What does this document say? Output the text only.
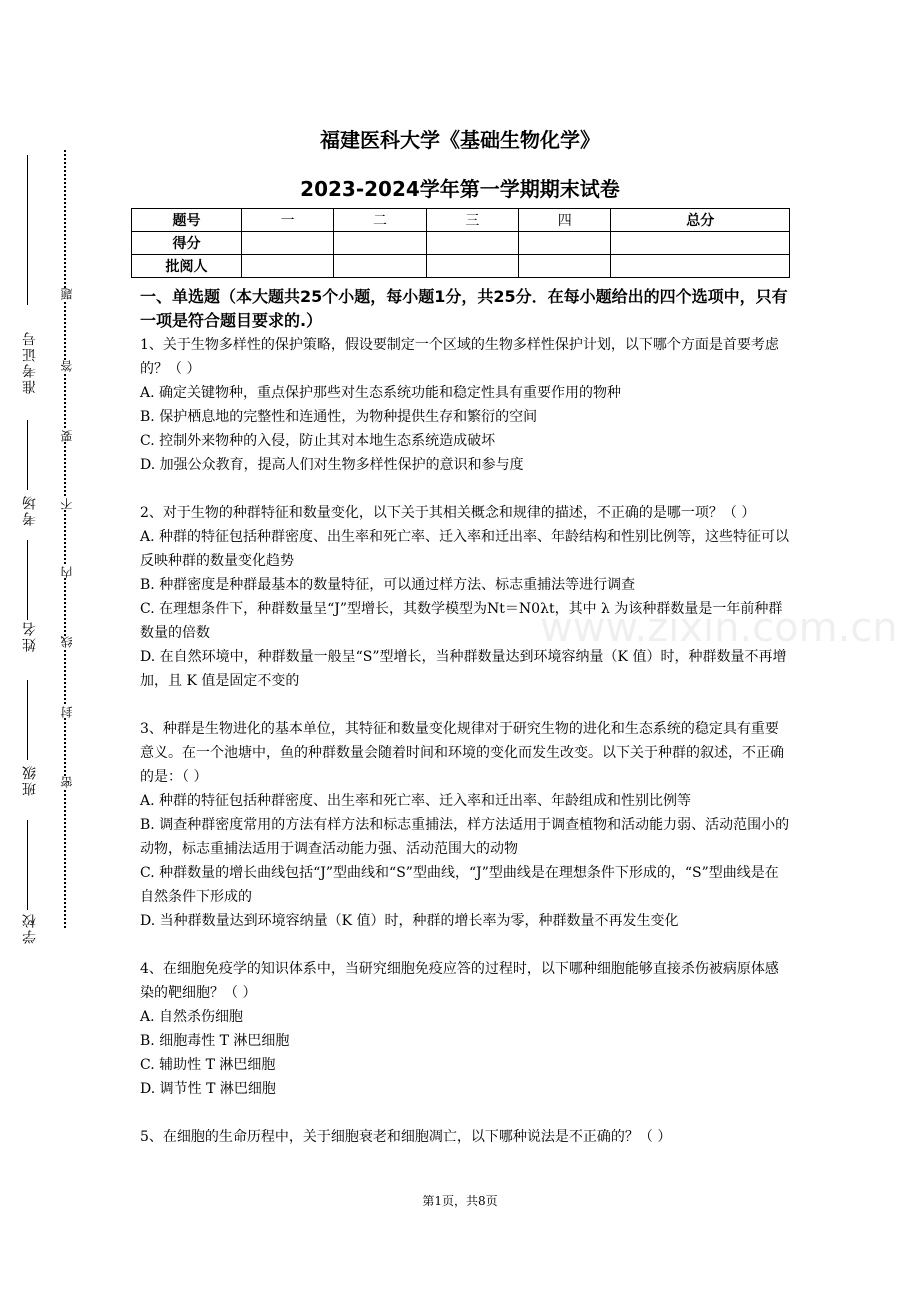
准考证号
考场
姓名
班级
学校
题
答
要
不
内
线
封
密
福建医科大学《基础生物化学》
2023-2024学年第一学期期末试卷
题号	一	二	三	四	总分
得分					
批阅人					

一、单选题（本大题共25个小题，每小题1分，共25分．在每小题给出的四个选项中，只有一项是符合题目要求的.）

1、关于生物多样性的保护策略，假设要制定一个区域的生物多样性保护计划，以下哪个方面是首要考虑的？（ ）

A. 确定关键物种，重点保护那些对生态系统功能和稳定性具有重要作用的物种

B. 保护栖息地的完整性和连通性，为物种提供生存和繁衍的空间

C. 控制外来物种的入侵，防止其对本地生态系统造成破坏

D. 加强公众教育，提高人们对生物多样性保护的意识和参与度

2、对于生物的种群特征和数量变化，以下关于其相关概念和规律的描述，不正确的是哪一项？（ ）

A. 种群的特征包括种群密度、出生率和死亡率、迁入率和迁出率、年龄结构和性别比例等，这些特征可以反映种群的数量变化趋势

B. 种群密度是种群最基本的数量特征，可以通过样方法、标志重捕法等进行调查

C. 在理想条件下，种群数量呈“J”型增长，其数学模型为Nt＝N0λt，其中 λ 为该种群数量是一年前种群数量的倍数

D. 在自然环境中，种群数量一般呈“S”型增长，当种群数量达到环境容纳量（K 值）时，种群数量不再增加，且 K 值是固定不变的

3、种群是生物进化的基本单位，其特征和数量变化规律对于研究生物的进化和生态系统的稳定具有重要意义。在一个池塘中，鱼的种群数量会随着时间和环境的变化而发生改变。以下关于种群的叙述，不正确的是：（ ）

A. 种群的特征包括种群密度、出生率和死亡率、迁入率和迁出率、年龄组成和性别比例等

B. 调查种群密度常用的方法有样方法和标志重捕法，样方法适用于调查植物和活动能力弱、活动范围小的动物，标志重捕法适用于调查活动能力强、活动范围大的动物

C. 种群数量的增长曲线包括“J”型曲线和“S”型曲线，“J”型曲线是在理想条件下形成的，“S”型曲线是在自然条件下形成的

D. 当种群数量达到环境容纳量（K 值）时，种群的增长率为零，种群数量不再发生变化

4、在细胞免疫学的知识体系中，当研究细胞免疫应答的过程时，以下哪种细胞能够直接杀伤被病原体感染的靶细胞？（ ）

A. 自然杀伤细胞

B. 细胞毒性 T 淋巴细胞

C. 辅助性 T 淋巴细胞

D. 调节性 T 淋巴细胞

5、在细胞的生命历程中，关于细胞衰老和细胞凋亡，以下哪种说法是不正确的？（ ）

www.zixin.com.cn
第1页，共8页
